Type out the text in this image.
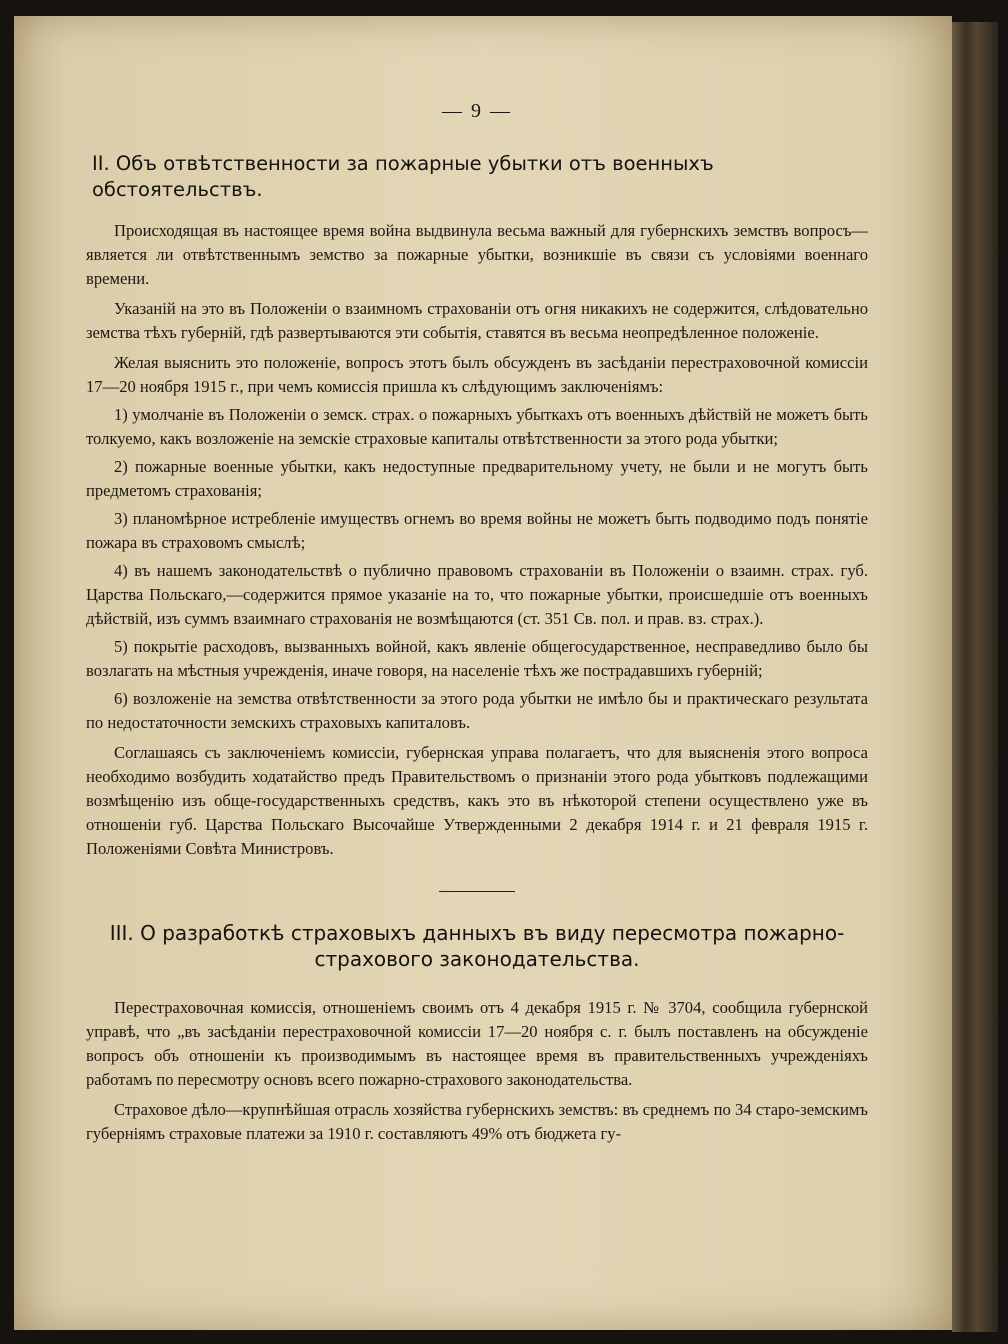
— 9 —
II. Объ отвѣтственности за пожарные убытки отъ военныхъ обстоятельствъ.

Происходящая въ настоящее время война выдвинула весьма важный для губернскихъ земствъ вопросъ—является ли отвѣтственнымъ земство за пожарные убытки, возникшіе въ связи съ условіями военнаго времени.

Указаній на это въ Положеніи о взаимномъ страхованіи отъ огня никакихъ не содержится, слѣдовательно земства тѣхъ губерній, гдѣ развертываются эти событія, ставятся въ весьма неопредѣленное положеніе.

Желая выяснить это положеніе, вопросъ этотъ былъ обсужденъ въ засѣданіи перестраховочной комиссіи 17—20 ноября 1915 г., при чемъ комиссія пришла къ слѣдующимъ заключеніямъ:

1) умолчаніе въ Положеніи о земск. страх. о пожарныхъ убыткахъ отъ военныхъ дѣйствій не можетъ быть толкуемо, какъ возложеніе на земскіе страховые капиталы отвѣтственности за этого рода убытки;

2) пожарные военные убытки, какъ недоступные предварительному учету, не были и не могутъ быть предметомъ страхованія;

3) планомѣрное истребленіе имуществъ огнемъ во время войны не можетъ быть подводимо подъ понятіе пожара въ страховомъ смыслѣ;

4) въ нашемъ законодательствѣ о публично правовомъ страхованіи въ Положеніи о взаимн. страх. губ. Царства Польскаго,—содержится прямое указаніе на то, что пожарные убытки, происшедшіе отъ военныхъ дѣйствій, изъ суммъ взаимнаго страхованія не возмѣщаются (ст. 351 Св. пол. и прав. вз. страх.).

5) покрытіе расходовъ, вызванныхъ войной, какъ явленіе общегосударственное, несправедливо было бы возлагать на мѣстныя учрежденія, иначе говоря, на населеніе тѣхъ же пострадавшихъ губерній;

6) возложеніе на земства отвѣтственности за этого рода убытки не имѣло бы и практическаго результата по недостаточности земскихъ страховыхъ капиталовъ.

Соглашаясь съ заключеніемъ комиссіи, губернская управа полагаетъ, что для выясненія этого вопроса необходимо возбудить ходатайство предъ Правительствомъ о признаніи этого рода убытковъ подлежащими возмѣщенію изъ обще-государственныхъ средствъ, какъ это въ нѣкоторой степени осуществлено уже въ отношеніи губ. Царства Польскаго Высочайше Утвержденными 2 декабря 1914 г. и 21 февраля 1915 г. Положеніями Совѣта Министровъ.

III. О разработкѣ страховыхъ данныхъ въ виду пересмотра пожарно-страхового законодательства.

Перестраховочная комиссія, отношеніемъ своимъ отъ 4 декабря 1915 г. № 3704, сообщила губернской управѣ, что „въ засѣданіи перестраховочной комиссіи 17—20 ноября с. г. былъ поставленъ на обсужденіе вопросъ объ отношеніи къ производимымъ въ настоящее время въ правительственныхъ учрежденіяхъ работамъ по пересмотру основъ всего пожарно-страхового законодательства.

Страховое дѣло—крупнѣйшая отрасль хозяйства губернскихъ земствъ: въ среднемъ по 34 старо-земскимъ губерніямъ страховые платежи за 1910 г. составляютъ 49% отъ бюджета гу-
